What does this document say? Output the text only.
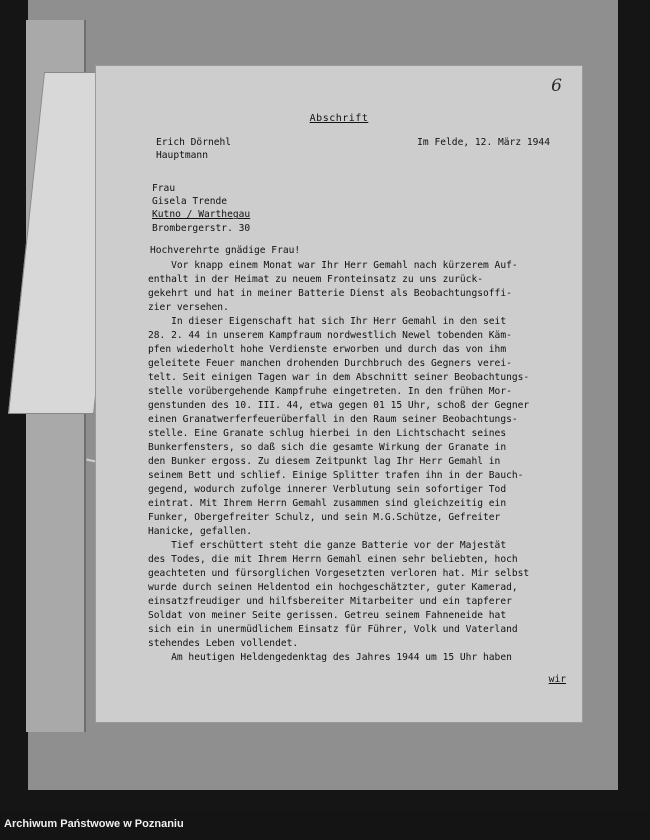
6
Abschrift
Erich Dörnehl
Hauptmann
Im Felde, 12. März 1944
Frau
Gisela Trende
Kutno / Warthegau
Brombergerstr. 30
Hochverehrte gnädige Frau!
Vor knapp einem Monat war Ihr Herr Gemahl nach kürzerem Auf-
enthalt in der Heimat zu neuem Fronteinsatz zu uns zurück-
gekehrt und hat in meiner Batterie Dienst als Beobachtungsoffi-
zier versehen.
In dieser Eigenschaft hat sich Ihr Herr Gemahl in den seit
28. 2. 44 in unserem Kampfraum nordwestlich Newel tobenden Käm-
pfen wiederholt hohe Verdienste erworben und durch das von ihm
geleitete Feuer manchen drohenden Durchbruch des Gegners verei-
telt. Seit einigen Tagen war in dem Abschnitt seiner Beobachtungs-
stelle vorübergehende Kampfruhe eingetreten. In den frühen Mor-
genstunden des 10. III. 44, etwa gegen 01 15 Uhr, schoß der Gegner
einen Granatwerferfeuerüberfall in den Raum seiner Beobachtungs-
stelle. Eine Granate schlug hierbei in den Lichtschacht seines
Bunkerfensters, so daß sich die gesamte Wirkung der Granate in
den Bunker ergoss. Zu diesem Zeitpunkt lag Ihr Herr Gemahl in
seinem Bett und schlief. Einige Splitter trafen ihn in der Bauch-
gegend, wodurch zufolge innerer Verblutung sein sofortiger Tod
eintrat. Mit Ihrem Herrn Gemahl zusammen sind gleichzeitig ein
Funker, Obergefreiter Schulz, und sein M.G.Schütze, Gefreiter
Hanicke, gefallen.
Tief erschüttert steht die ganze Batterie vor der Majestät
des Todes, die mit Ihrem Herrn Gemahl einen sehr beliebten, hoch
geachteten und fürsorglichen Vorgesetzten verloren hat. Mir selbst
wurde durch seinen Heldentod ein hochgeschätzter, guter Kamerad,
einsatzfreudiger und hilfsbereiter Mitarbeiter und ein tapferer
Soldat von meiner Seite gerissen. Getreu seinem Fahneneide hat
sich ein in unermüdlichem Einsatz für Führer, Volk und Vaterland
stehendes Leben vollendet.
Am heutigen Heldengedenktag des Jahres 1944 um 15 Uhr haben
wir
Archiwum Państwowe w Poznaniu
